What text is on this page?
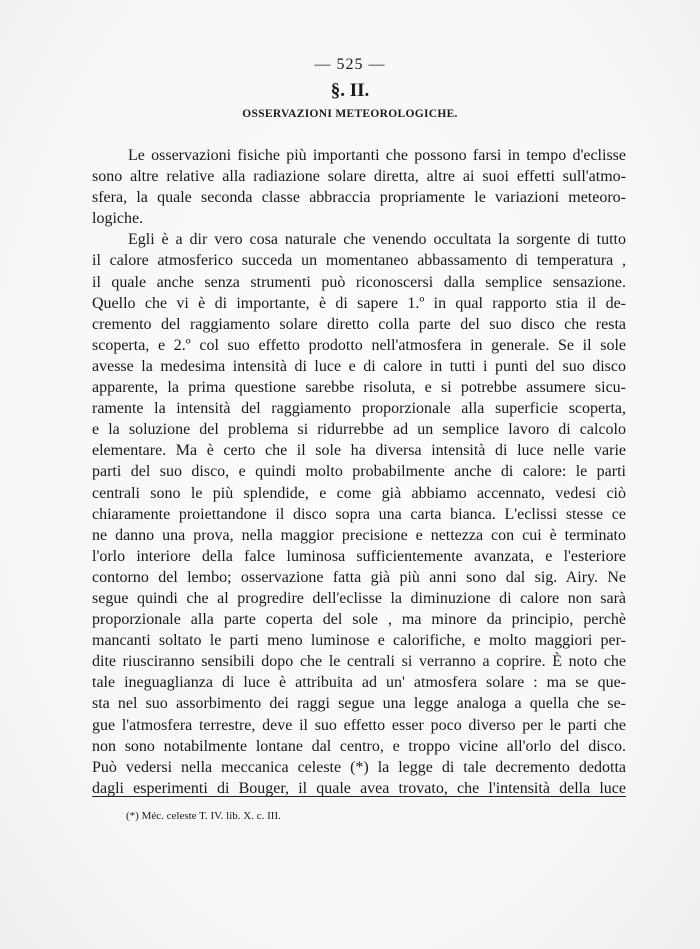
— 525 —
§. II.
OSSERVAZIONI METEOROLOGICHE.
Le osservazioni fisiche più importanti che possono farsi in tempo d'eclisse
sono altre relative alla radiazione solare diretta, altre ai suoi effetti sull'atmo-
sfera, la quale seconda classe abbraccia propriamente le variazioni meteoro-
logiche.
Egli è a dir vero cosa naturale che venendo occultata la sorgente di tutto
il calore atmosferico succeda un momentaneo abbassamento di temperatura ,
il quale anche senza strumenti può riconoscersi dalla semplice sensazione.
Quello che vi è di importante, è di sapere 1.º in qual rapporto stia il de-
cremento del raggiamento solare diretto colla parte del suo disco che resta
scoperta, e 2.º col suo effetto prodotto nell'atmosfera in generale. Se il sole
avesse la medesima intensità di luce e di calore in tutti i punti del suo disco
apparente, la prima questione sarebbe risoluta, e si potrebbe assumere sicu-
ramente la intensità del raggiamento proporzionale alla superficie scoperta,
e la soluzione del problema si ridurrebbe ad un semplice lavoro di calcolo
elementare. Ma è certo che il sole ha diversa intensità di luce nelle varie
parti del suo disco, e quindi molto probabilmente anche di calore: le parti
centrali sono le più splendide, e come già abbiamo accennato, vedesi ciò
chiaramente proiettandone il disco sopra una carta bianca. L'eclissi stesse ce
ne danno una prova, nella maggior precisione e nettezza con cui è terminato
l'orlo interiore della falce luminosa sufficientemente avanzata, e l'esteriore
contorno del lembo; osservazione fatta già più anni sono dal sig. Airy. Ne
segue quindi che al progredire dell'eclisse la diminuzione di calore non sarà
proporzionale alla parte coperta del sole , ma minore da principio, perchè
mancanti soltato le parti meno luminose e calorifiche, e molto maggiori per-
dite riusciranno sensibili dopo che le centrali si verranno a coprire. È noto che
tale ineguaglianza di luce è attribuita ad un' atmosfera solare : ma se que-
sta nel suo assorbimento dei raggi segue una legge analoga a quella che se-
gue l'atmosfera terrestre, deve il suo effetto esser poco diverso per le parti che
non sono notabilmente lontane dal centro, e troppo vicine all'orlo del disco.
Può vedersi nella meccanica celeste (*) la legge di tale decremento dedotta
dagli esperimenti di Bouger, il quale avea trovato, che l'intensità della luce
(*) Méc. celeste T. IV. lib. X. c. III.
